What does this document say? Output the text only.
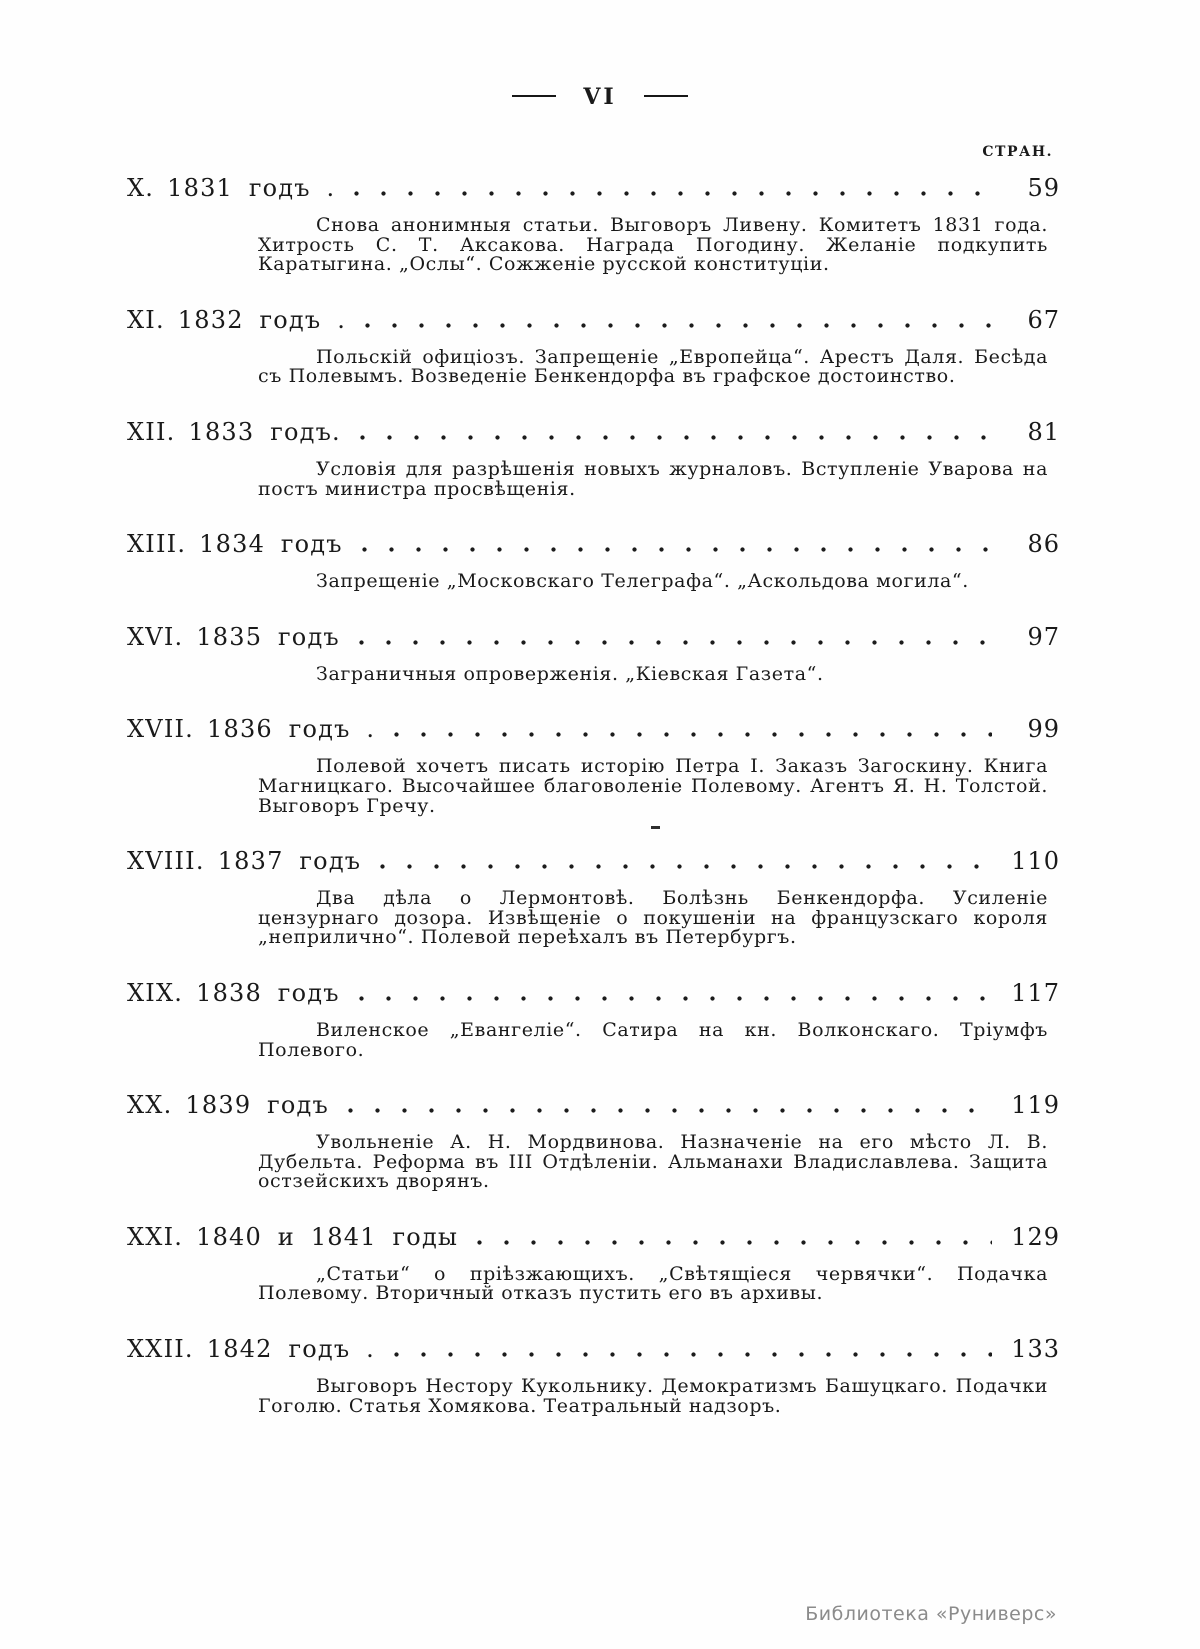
VI
СТРАН.
X. 1831 годъ .	59

Снова анонимныя статьи. Выговоръ Ливену. Комитетъ 1831 года. Хитрость С. Т. Аксакова. Награда Погодину. Желаніе подкупить Каратыгина. „Ослы“. Сожженіе русской конституціи.

XI. 1832 годъ .	67

Польскій офиціозъ. Запрещеніе „Европейца“. Арестъ Даля. Бесѣда съ Полевымъ. Возведеніе Бенкендорфа въ графское достоинство.

XII. 1833 годъ.	81

Условія для разрѣшенія новыхъ журналовъ. Вступленіе Уварова на постъ министра просвѣщенія.

XIII. 1834 годъ	86

Запрещеніе „Московскаго Телеграфа“. „Аскольдова могила“.

XVI. 1835 годъ	97

Заграничныя опроверженія. „Кіевская Газета“.

XVII. 1836 годъ .	99

Полевой хочетъ писать исторію Петра I. Заказъ Загоскину. Книга Магницкаго. Высочайшее благоволеніе Полевому. Агентъ Я. Н. Толстой. Выговоръ Гречу.

XVIII. 1837 годъ	110

Два дѣла о Лермонтовѣ. Болѣзнь Бенкендорфа. Усиленіе цензурнаго дозора. Извѣщеніе о покушеніи на французскаго короля „неприлично“. Полевой переѣхалъ въ Петербургъ.

XIX. 1838 годъ	117

Виленское „Евангеліе“. Сатира на кн. Волконскаго. Тріумфъ Полевого.

XX. 1839 годъ	119

Увольненіе А. Н. Мордвинова. Назначеніе на его мѣсто Л. В. Дубельта. Реформа въ III Отдѣленіи. Альманахи Владиславлева. Защита остзейскихъ дворянъ.

XXI. 1840 и 1841 годы	129

„Статьи“ о пріѣзжающихъ. „Свѣтящіеся червячки“. Подачка Полевому. Вторичный отказъ пустить его въ архивы.

XXII. 1842 годъ .	133

Выговоръ Нестору Кукольнику. Демократизмъ Башуцкаго. Подачки Гоголю. Статья Хомякова. Театральный надзоръ.

Библиотека «Руниверс»
